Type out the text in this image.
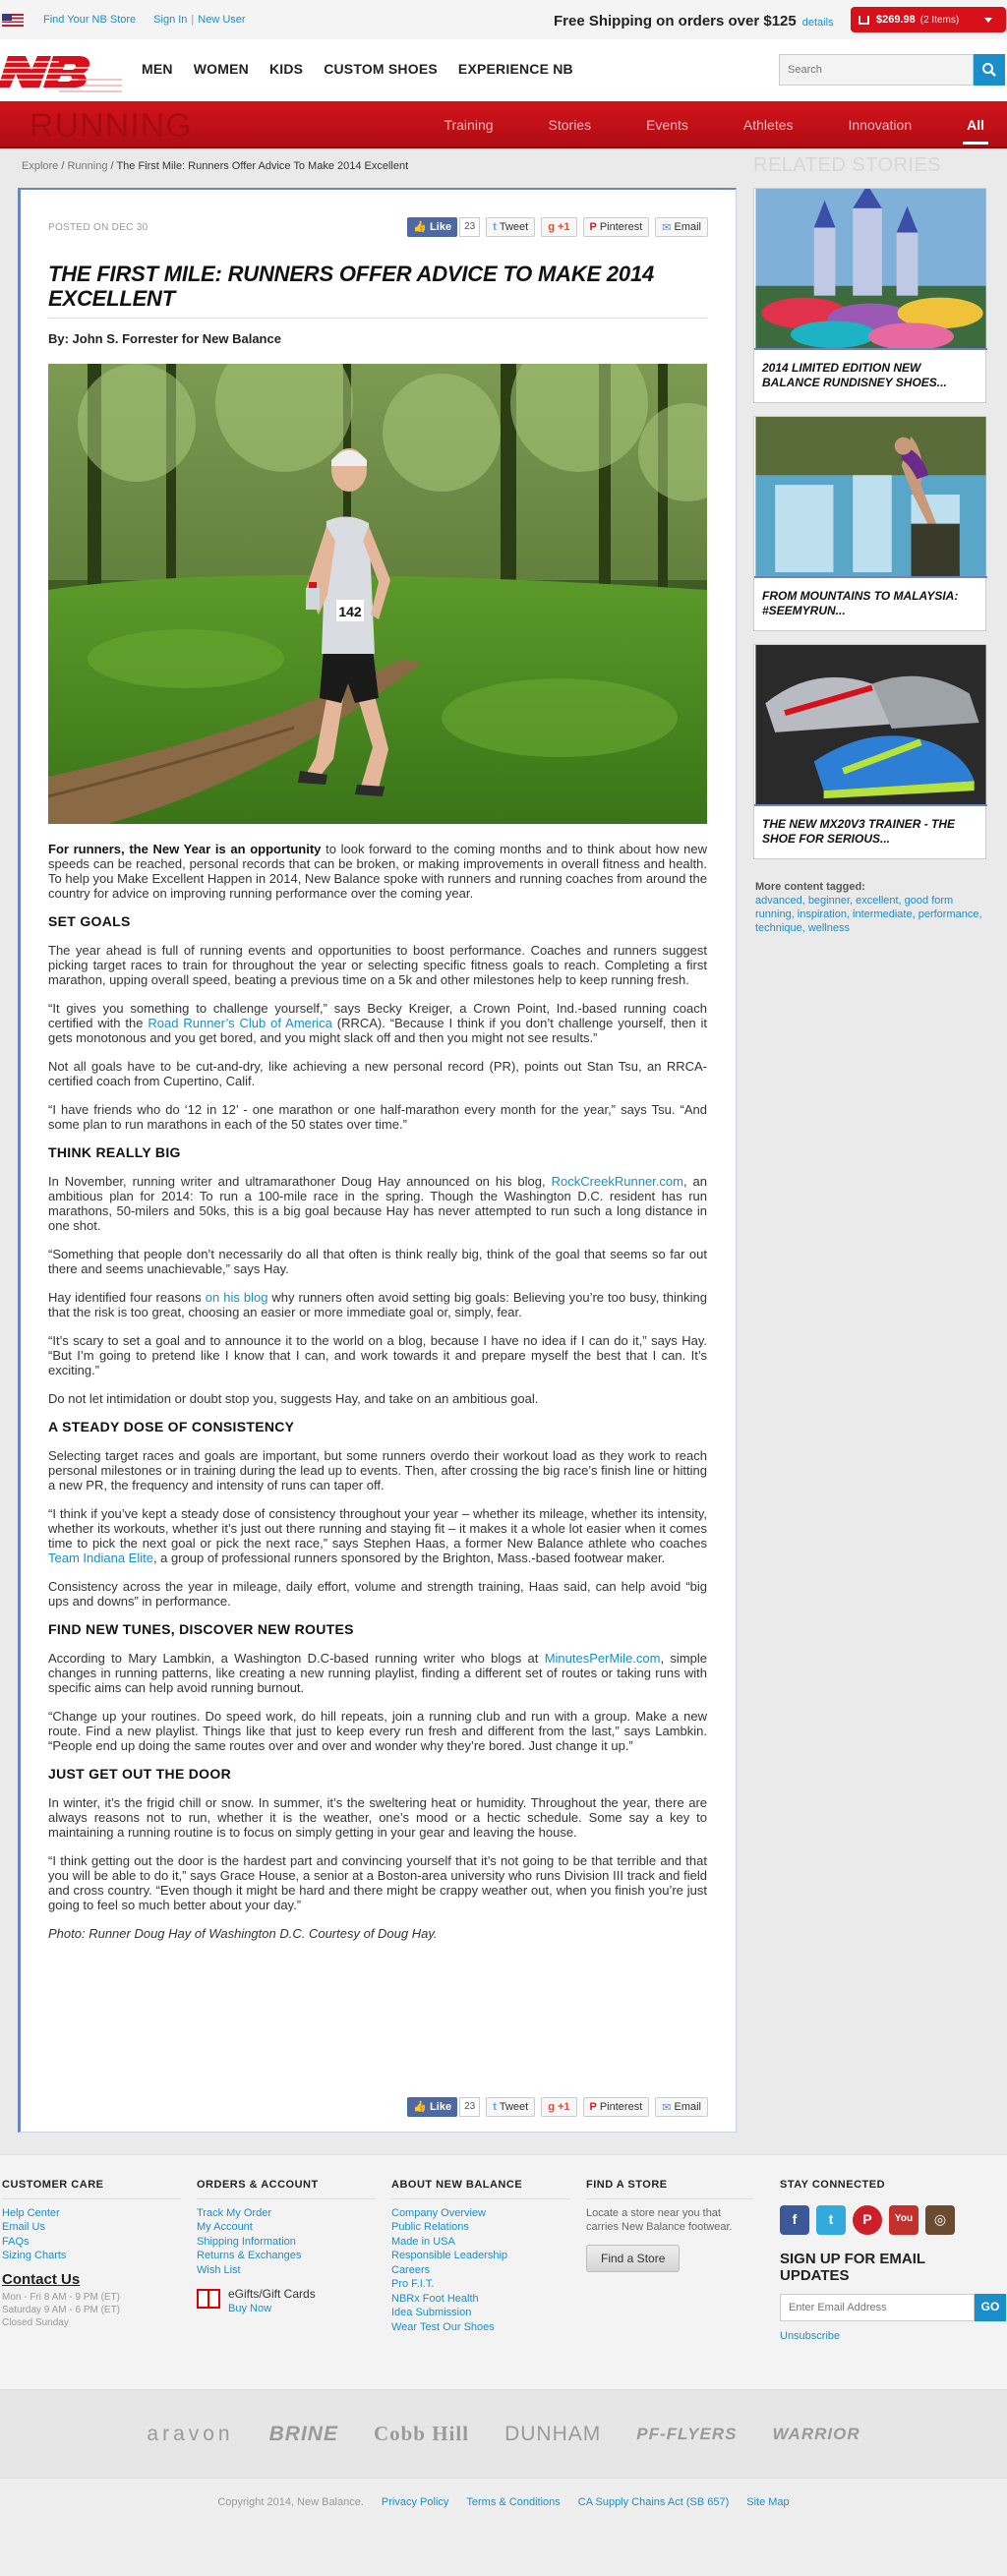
Find Your NB Store Sign In | New User	Free Shipping on orders over $125 details	$269.98 (2 Items)
MEN WOMEN KIDS CUSTOM SHOES EXPERIENCE NB
Search
RUNNING	Training	Stories	Events	Athletes	Innovation	All
Explore / Running / The First Mile: Runners Offer Advice To Make 2014 Excellent
POSTED ON DEC 30	👍 Like	23	t Tweet g +1 P Pinterest ✉ Email
THE FIRST MILE: RUNNERS OFFER ADVICE TO MAKE 2014 EXCELLENT
By: John S. Forrester for New Balance
142

For runners, the New Year is an opportunity to look forward to the coming months and to think about how new speeds can be reached, personal records that can be broken, or making improvements in overall fitness and health. To help you Make Excellent Happen in 2014, New Balance spoke with runners and running coaches from around the country for advice on improving running performance over the coming year.

SET GOALS

The year ahead is full of running events and opportunities to boost performance. Coaches and runners suggest picking target races to train for throughout the year or selecting specific fitness goals to reach. Completing a first marathon, upping overall speed, beating a previous time on a 5k and other milestones help to keep running fresh.

“It gives you something to challenge yourself,” says Becky Kreiger, a Crown Point, Ind.-based running coach certified with the Road Runner’s Club of America (RRCA). “Because I think if you don’t challenge yourself, then it gets monotonous and you get bored, and you might slack off and then you might not see results.”

Not all goals have to be cut-and-dry, like achieving a new personal record (PR), points out Stan Tsu, an RRCA-certified coach from Cupertino, Calif.

“I have friends who do ‘12 in 12’ - one marathon or one half-marathon every month for the year,” says Tsu. “And some plan to run marathons in each of the 50 states over time.”

THINK REALLY BIG

In November, running writer and ultramarathoner Doug Hay announced on his blog, RockCreekRunner.com, an ambitious plan for 2014: To run a 100-mile race in the spring. Though the Washington D.C. resident has run marathons, 50-milers and 50ks, this is a big goal because Hay has never attempted to run such a long distance in one shot.

“Something that people don’t necessarily do all that often is think really big, think of the goal that seems so far out there and seems unachievable,” says Hay.

Hay identified four reasons on his blog why runners often avoid setting big goals: Believing you’re too busy, thinking that the risk is too great, choosing an easier or more immediate goal or, simply, fear.

“It’s scary to set a goal and to announce it to the world on a blog, because I have no idea if I can do it,” says Hay. “But I’m going to pretend like I know that I can, and work towards it and prepare myself the best that I can. It’s exciting.”

Do not let intimidation or doubt stop you, suggests Hay, and take on an ambitious goal.

A STEADY DOSE OF CONSISTENCY

Selecting target races and goals are important, but some runners overdo their workout load as they work to reach personal milestones or in training during the lead up to events. Then, after crossing the big race’s finish line or hitting a new PR, the frequency and intensity of runs can taper off.

“I think if you’ve kept a steady dose of consistency throughout your year – whether its mileage, whether its intensity, whether its workouts, whether it’s just out there running and staying fit – it makes it a whole lot easier when it comes time to pick the next goal or pick the next race,” says Stephen Haas, a former New Balance athlete who coaches Team Indiana Elite, a group of professional runners sponsored by the Brighton, Mass.-based footwear maker.

Consistency across the year in mileage, daily effort, volume and strength training, Haas said, can help avoid “big ups and downs” in performance.

FIND NEW TUNES, DISCOVER NEW ROUTES

According to Mary Lambkin, a Washington D.C-based running writer who blogs at MinutesPerMile.com, simple changes in running patterns, like creating a new running playlist, finding a different set of routes or taking runs with specific aims can help avoid running burnout.

“Change up your routines. Do speed work, do hill repeats, join a running club and run with a group. Make a new route. Find a new playlist. Things like that just to keep every run fresh and different from the last,” says Lambkin. “People end up doing the same routes over and over and wonder why they’re bored. Just change it up.”

JUST GET OUT THE DOOR

In winter, it’s the frigid chill or snow. In summer, it’s the sweltering heat or humidity. Throughout the year, there are always reasons not to run, whether it is the weather, one’s mood or a hectic schedule. Some say a key to maintaining a running routine is to focus on simply getting in your gear and leaving the house.

“I think getting out the door is the hardest part and convincing yourself that it’s not going to be that terrible and that you will be able to do it,” says Grace House, a senior at a Boston-area university who runs Division III track and field and cross country. “Even though it might be hard and there might be crappy weather out, when you finish you’re just going to feel so much better about your day.”

Photo: Runner Doug Hay of Washington D.C. Courtesy of Doug Hay.

👍 Like	23	t Tweet g +1 P Pinterest ✉ Email
RELATED STORIES
2014 LIMITED EDITION NEW BALANCE RUNDISNEY SHOES...
FROM MOUNTAINS TO MALAYSIA: #SEEMYRUN...
THE NEW MX20V3 TRAINER - THE SHOE FOR SERIOUS...
More content tagged:
advanced, beginner, excellent, good form running, inspiration, intermediate, performance, technique, wellness
CUSTOMER CARE
Help Center
Email Us
FAQs
Sizing Charts
Contact Us
Mon - Fri 8 AM - 9 PM (ET)
Saturday 9 AM - 6 PM (ET)
Closed Sunday
ORDERS & ACCOUNT
Track My Order
My Account
Shipping Information
Returns & Exchanges
Wish List
eGifts/Gift Cards
Buy Now
ABOUT NEW BALANCE
Company Overview
Public Relations
Made in USA
Responsible Leadership
Careers
Pro F.I.T.
NBRx Foot Health
Idea Submission
Wear Test Our Shoes
FIND A STORE
Locate a store near you that carries New Balance footwear.
Find a Store
STAY CONNECTED
f	t	P	You	◎
SIGN UP FOR EMAIL UPDATES
Enter Email Address
GO
Unsubscribe
aravon BRINE Cobb Hill DUNHAM PF-FLYERS WARRIOR
Copyright 2014, New Balance. Privacy Policy Terms & Conditions CA Supply Chains Act (SB 657) Site Map
